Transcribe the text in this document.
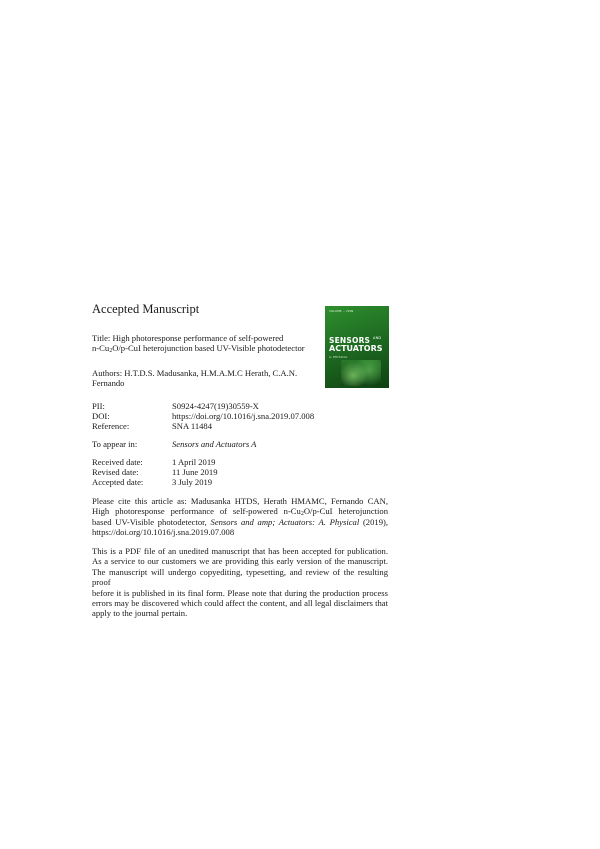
Accepted Manuscript	VOLUME ... ISSN
SENSORS $^{AND}$
ACTUATORS
A: PHYSICAL
Title: High photoresponse performance of self-powered
$n-Cu_2O/p$-CuI heterojunction based UV-Visible photodetector
Authors: H.T.D.S. Madusanka, H.M.A.M.C Herath, C.A.N.
Fernando
PII:	S0924-4247(19)30559-X
DOI:	https://doi.org/10.1016/j.sna.2019.07.008
Reference:	SNA 11484
To appear in:	Sensors and Actuators A
Received date:	1 April 2019
Revised date:	11 June 2019
Accepted date:	3 July 2019
Please cite this article as: Madusanka HTDS, Herath HMAMC, Fernando CAN,
High photoresponse performance of self-powered $n-Cu_2O/p$-CuI heterojunction
based UV-Visible photodetector, Sensors and amp; Actuators: A. Physical (2019),
https://doi.org/10.1016/j.sna.2019.07.008
This is a PDF file of an unedited manuscript that has been accepted for publication.
As a service to our customers we are providing this early version of the manuscript.
The manuscript will undergo copyediting, typesetting, and review of the resulting proof
before it is published in its final form. Please note that during the production process
errors may be discovered which could affect the content, and all legal disclaimers that
apply to the journal pertain.
